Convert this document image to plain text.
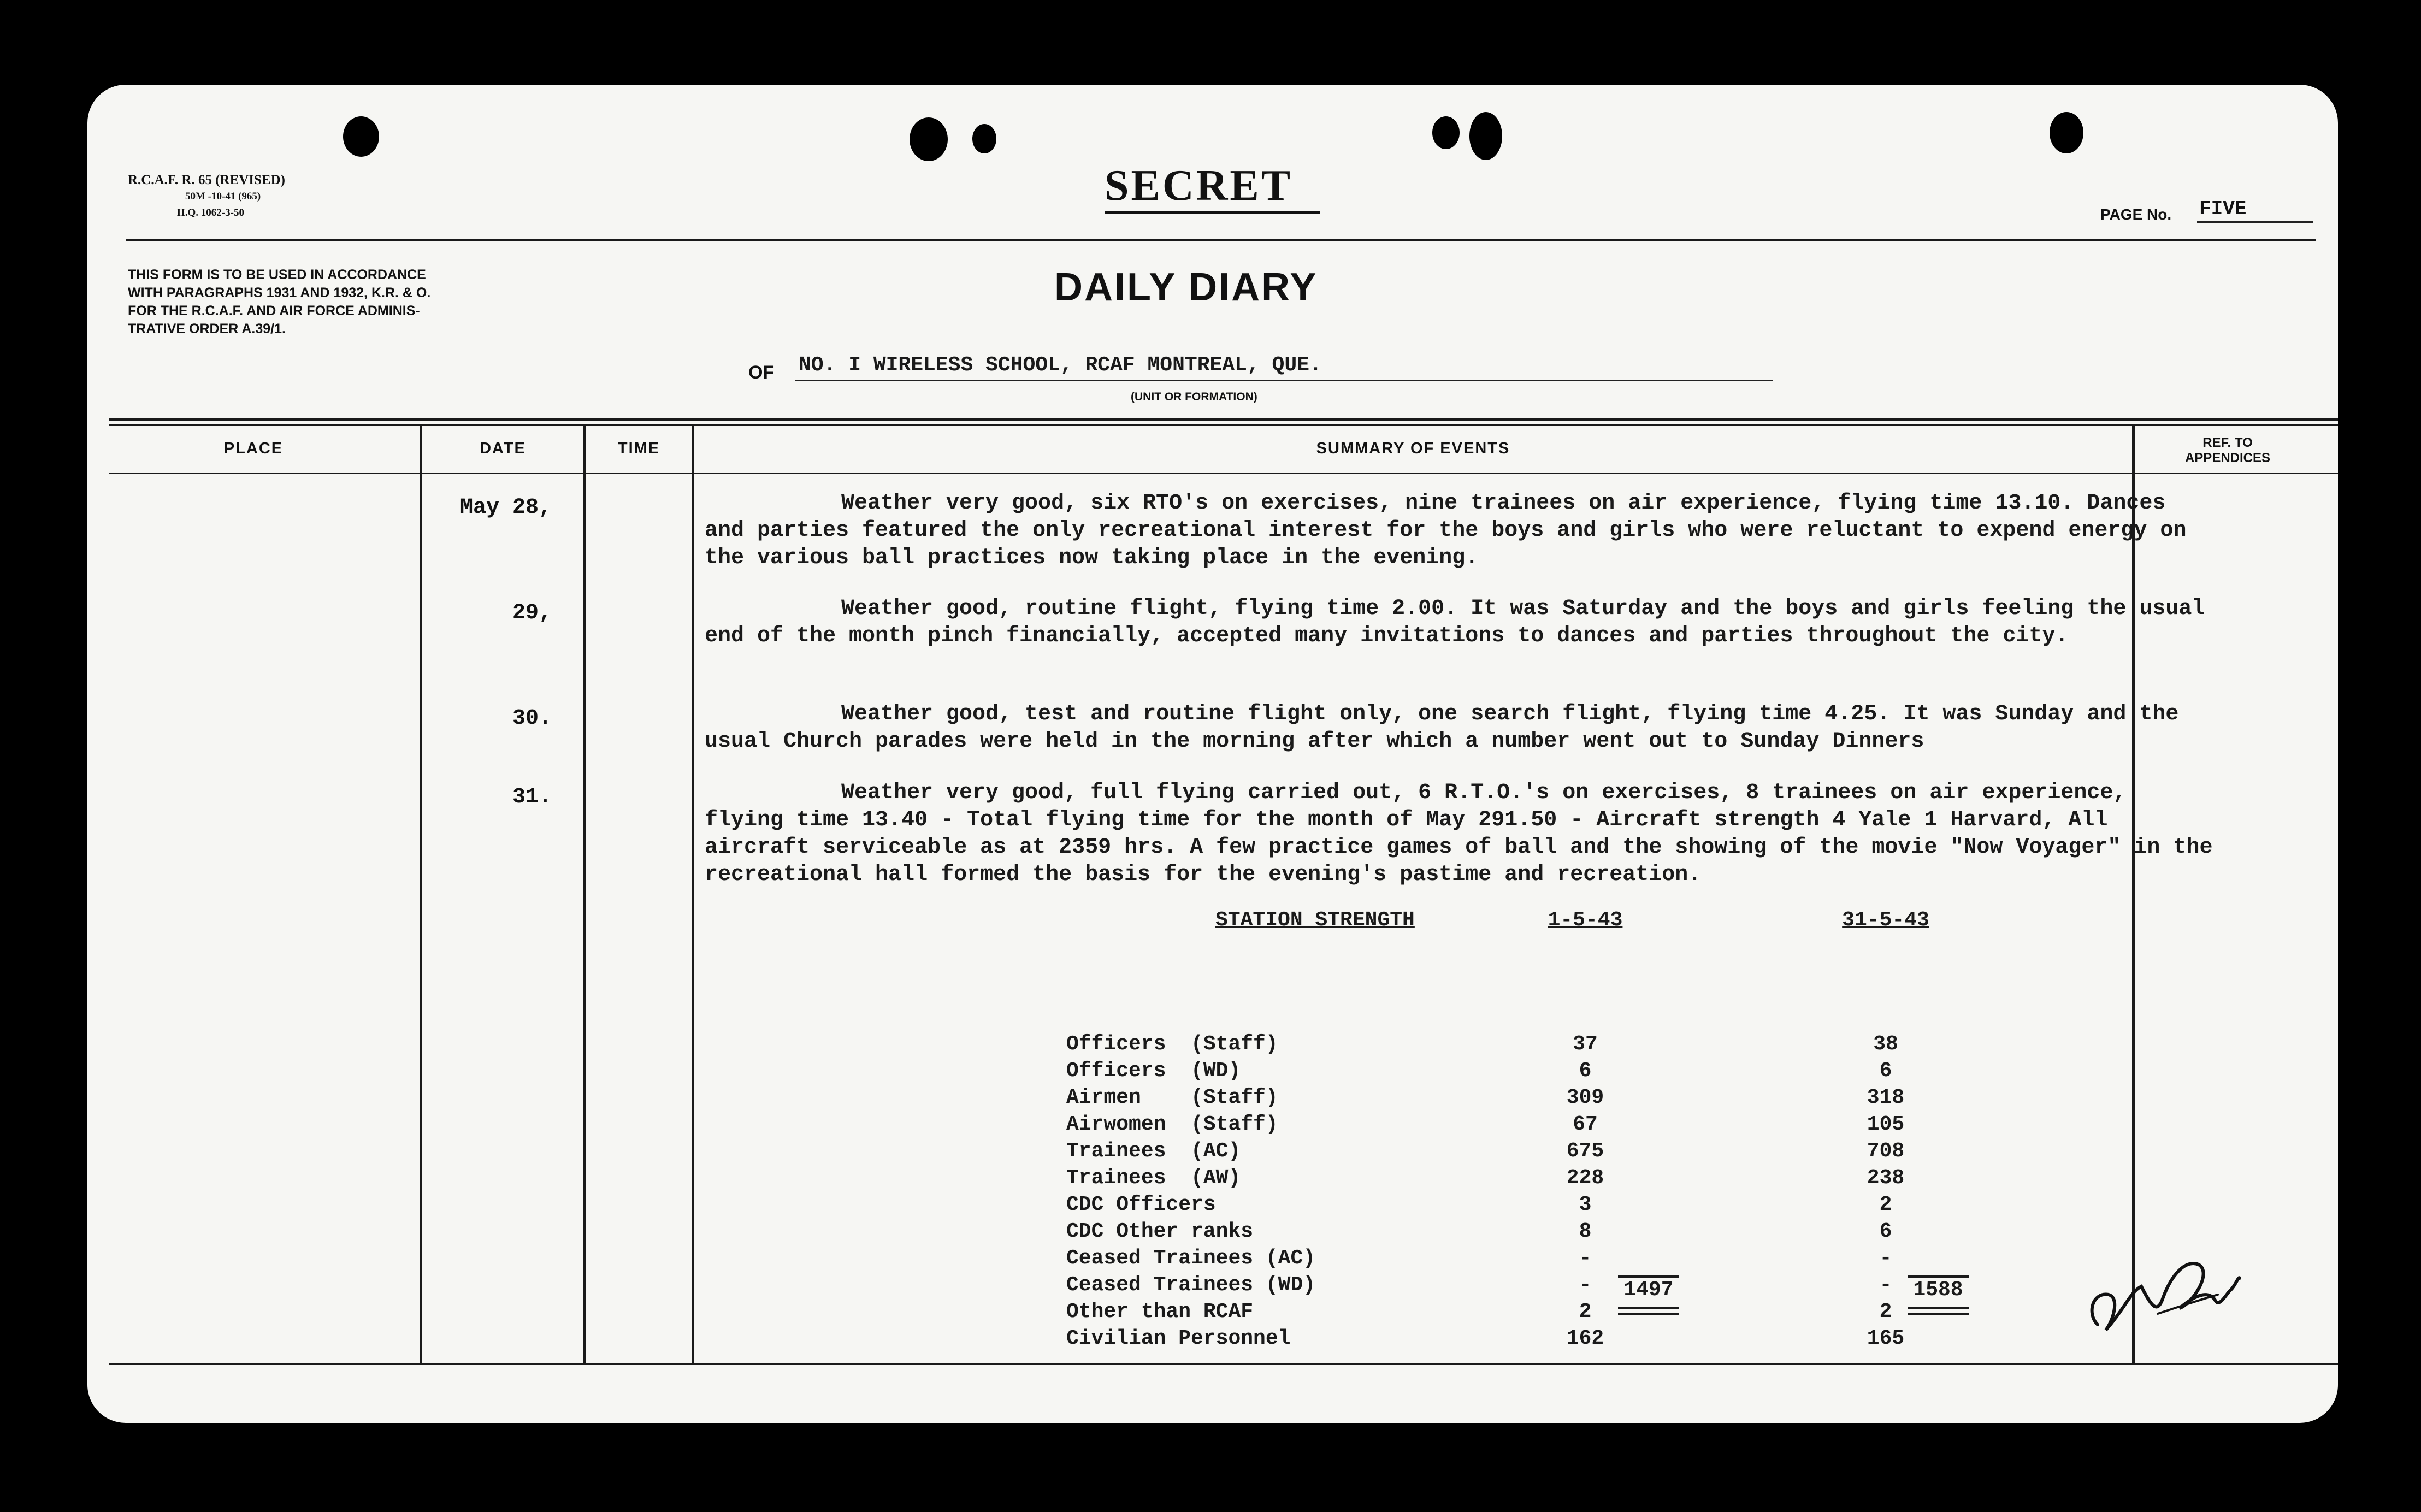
R.C.A.F. R. 65 (REVISED)
50M -10-41 (965)
H.Q. 1062-3-50
SECRET
PAGE No. FIVE
THIS FORM IS TO BE USED IN ACCORDANCE
WITH PARAGRAPHS 1931 AND 1932, K.R. & O.
FOR THE R.C.A.F. AND AIR FORCE ADMINIS-
TRATIVE ORDER A.39/1.
DAILY DIARY
OF NO. I WIRELESS SCHOOL, RCAF MONTREAL, QUE.
(UNIT OR FORMATION)
PLACE	DATE	TIME	SUMMARY OF EVENTS	REF. TO
APPENDICES
May 28,	Weather very good, six RTO's on exercises, nine trainees on air experience, flying time 13.10. Dances and parties featured the only recreational interest for the boys and girls who were reluctant to expend energy on the various ball practices now taking place in the evening.

29,	Weather good, routine flight, flying time 2.00. It was Saturday and the boys and girls feeling the usual end of the month pinch financially, accepted many invitations to dances and parties throughout the city.

30.	Weather good, test and routine flight only, one search flight, flying time 4.25. It was Sunday and the usual Church parades were held in the morning after which a number went out to Sunday Dinners

31.	Weather very good, full flying carried out, 6 R.T.O.'s on exercises, 8 trainees on air experience, flying time 13.40 - Total flying time for the month of May 291.50 - Aircraft strength 4 Yale 1 Harvard, All aircraft serviceable as at 2359 hrs. A few practice games of ball and the showing of the movie "Now Voyager" in the recreational hall formed the basis for the evening's pastime and recreation.

STATION STRENGTH	1-5-43	31-5-43
Officers  (Staff)	37	38
Officers  (WD)	6	6
Airmen    (Staff)	309	318
Airwomen  (Staff)	67	105
Trainees  (AC)	675	708
Trainees  (AW)	228	238
CDC Officers	3	2
CDC Other ranks	8	6
Ceased Trainees (AC)	-	-
Ceased Trainees (WD)	-	-
Other than RCAF	2	2
Civilian Personnel	162	165
1497	1588
